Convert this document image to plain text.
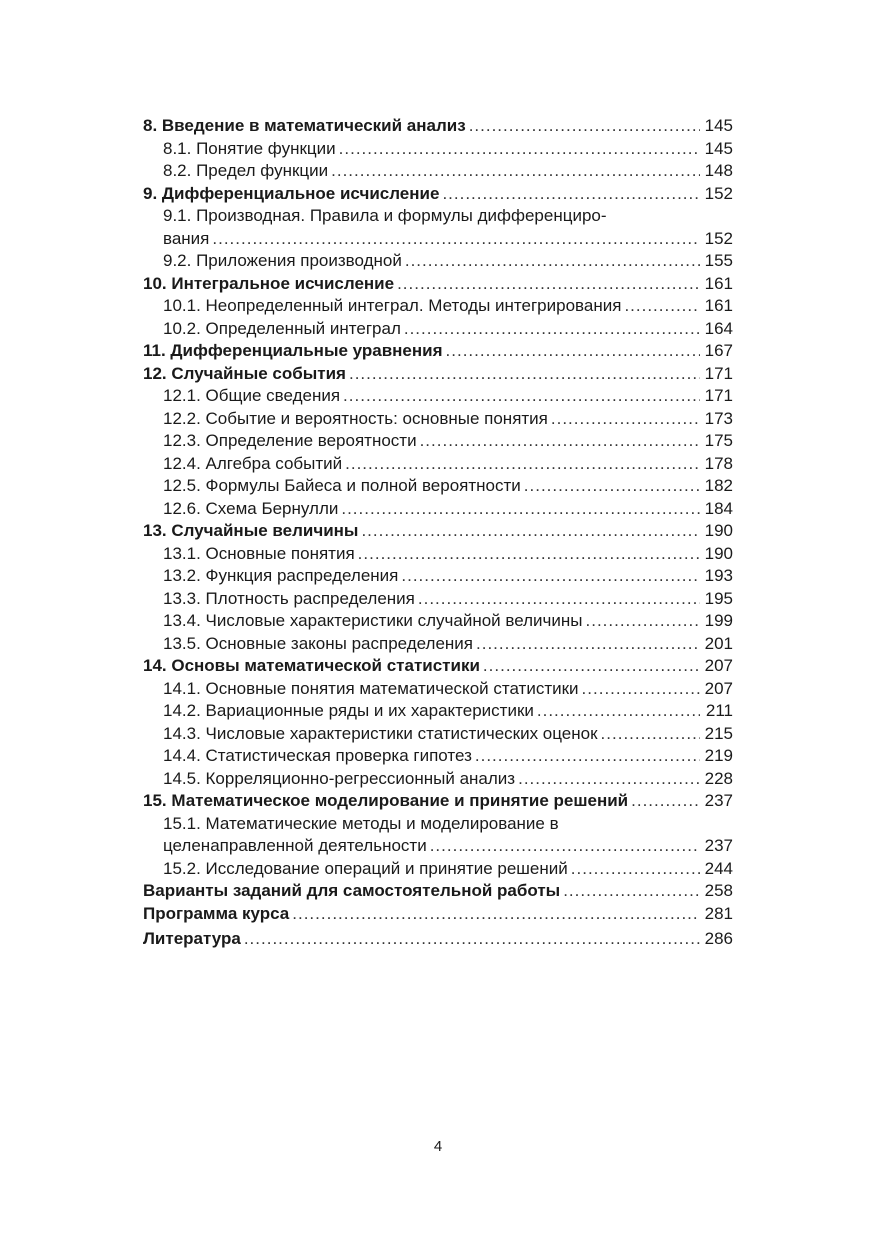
8. Введение в математический анализ .....	145
8.1. Понятие функции .....	145
8.2. Предел функции .....	148
9. Дифференциальное исчисление .....	152
9.1. Производная. Правила и формулы дифференциро-
вания .....	152
9.2. Приложения производной .....	155
10. Интегральное исчисление .....	161
10.1. Неопределенный интеграл. Методы интегрирования .....	161
10.2. Определенный интеграл .....	164
11. Дифференциальные уравнения .....	167
12. Случайные события .....	171
12.1. Общие сведения .....	171
12.2. Событие и вероятность: основные понятия .....	173
12.3. Определение вероятности .....	175
12.4. Алгебра событий .....	178
12.5. Формулы Байеса и полной вероятности .....	182
12.6. Схема Бернулли .....	184
13. Случайные величины .....	190
13.1. Основные понятия .....	190
13.2. Функция распределения .....	193
13.3. Плотность распределения .....	195
13.4. Числовые характеристики случайной величины .....	199
13.5. Основные законы распределения .....	201
14. Основы математической статистики .....	207
14.1. Основные понятия математической статистики .....	207
14.2. Вариационные ряды и их характеристики .....	211
14.3. Числовые характеристики статистических оценок .....	215
14.4. Статистическая проверка гипотез .....	219
14.5. Корреляционно-регрессионный анализ .....	228
15. Математическое моделирование и принятие решений .....	237
15.1. Математические методы и моделирование в
целенаправленной деятельности .....	237
15.2. Исследование операций и принятие решений .....	244
Варианты заданий для самостоятельной работы .....	258
Программа курса .....	281
Литература .....	286
4
